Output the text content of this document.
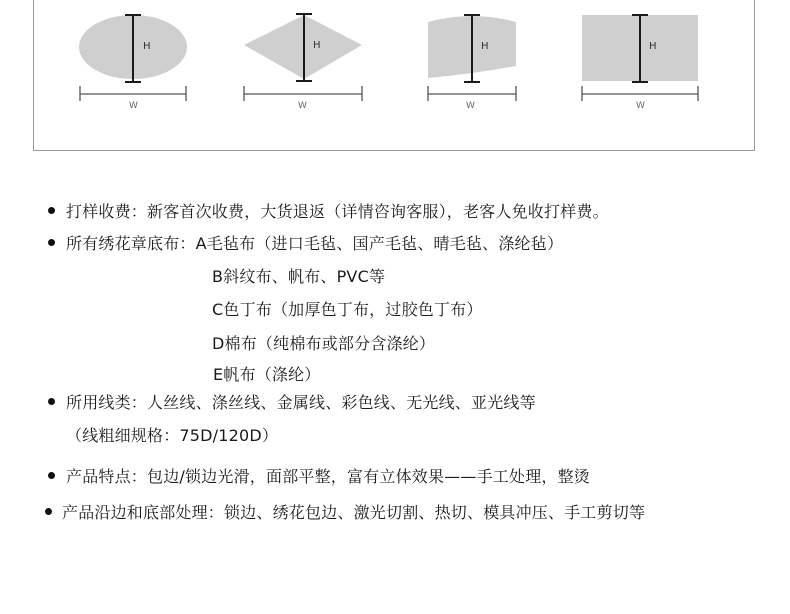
H
W
H
W
H
W
H
W
打样收费：新客首次收费，大货退返（详情咨询客服），老客人免收打样费。
所有绣花章底布：A毛毡布（进口毛毡、国产毛毡、晴毛毡、涤纶毡）
B斜纹布、帆布、PVC等
C色丁布（加厚色丁布，过胶色丁布）
D棉布（纯棉布或部分含涤纶）
E帆布（涤纶）
所用线类：人丝线、涤丝线、金属线、彩色线、无光线、亚光线等
（线粗细规格：75D/120D）
产品特点：包边/锁边光滑，面部平整，富有立体效果——手工处理，整烫
产品沿边和底部处理：锁边、绣花包边、激光切割、热切、模具冲压、手工剪切等
